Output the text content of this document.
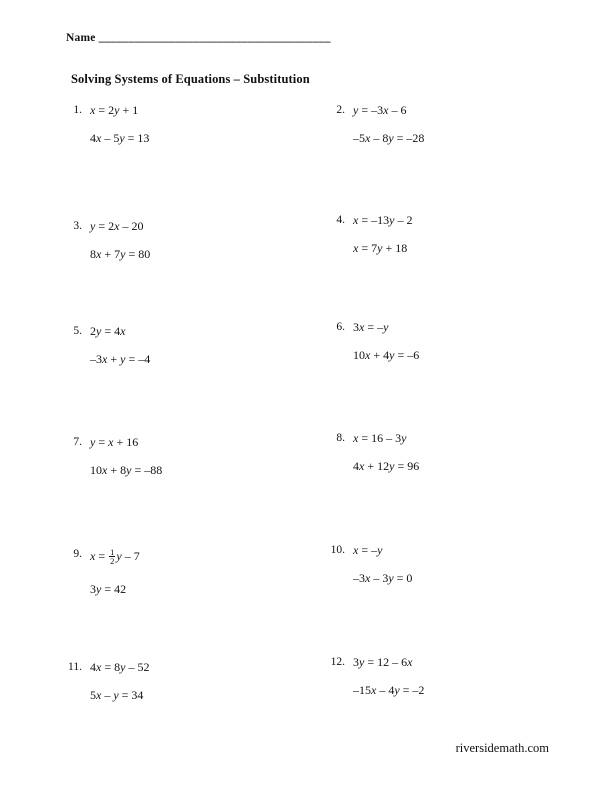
Name _______________________________________
Solving Systems of Equations – Substitution
1. x = 2y + 1
4x – 5y = 13
2. y = –3x – 6
–5x – 8y = –28
3. y = 2x – 20
8x + 7y = 80
4. x = –13y – 2
x = 7y + 18
5. 2y = 4x
–3x + y = –4
6. 3x = –y
10x + 4y = –6
7. y = x + 16
10x + 8y = –88
8. x = 16 – 3y
4x + 12y = 96
9. $x = \frac{1}{2}$ y – 7
3y = 42
10. x = –y
–3x – 3y = 0
11. 4x = 8y – 52
5x – y = 34
12. 3y = 12 – 6x
–15x – 4y = –2
riversidemath.com
